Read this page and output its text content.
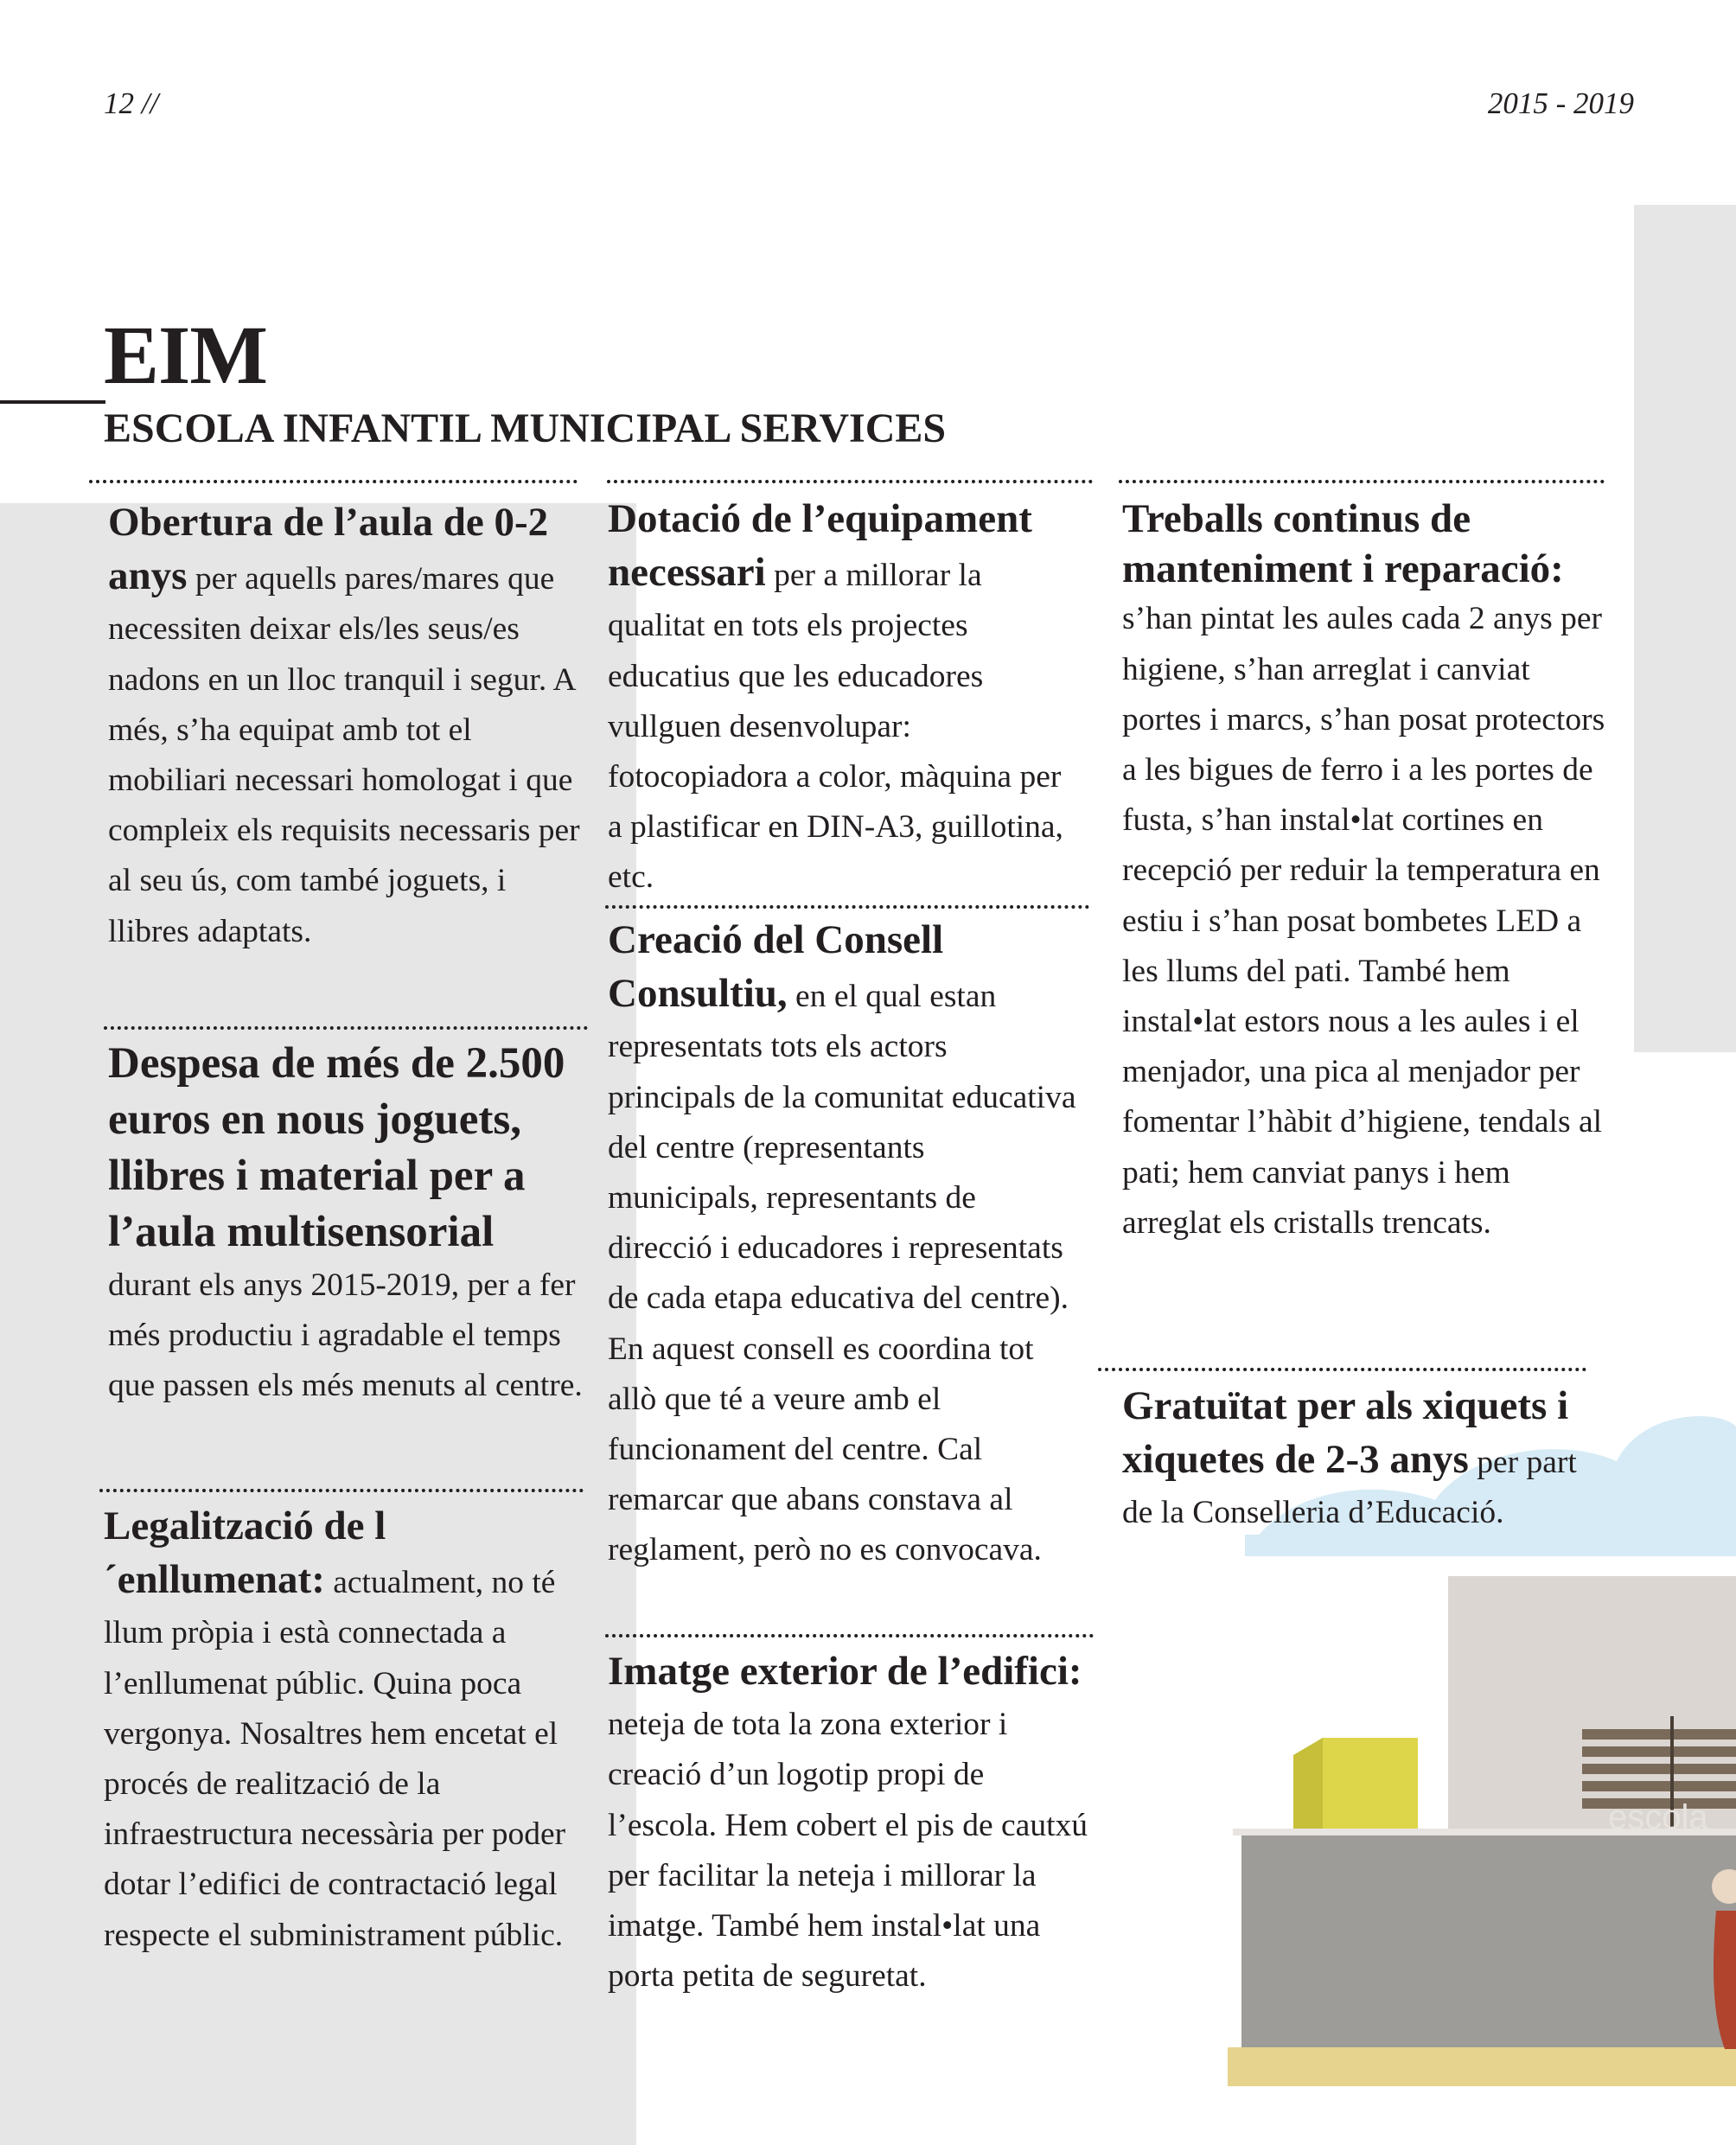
12 //	2015 - 2019
EIM
ESCOLA INFANTIL MUNICIPAL SERVICES
escola
Obertura de l’aula de 0-2 anys per aquells pares/mares que necessiten deixar els/les seus/es nadons en un lloc tranquil i segur. A més, s’ha equipat amb tot el mobiliari necessari homologat i que compleix els requisits necessaris per al seu ús, com també joguets, i llibres adaptats.
Despesa de més de 2.500 euros en nous joguets, llibres i material per a l’aula multisensorial
durant els anys 2015-2019, per a fer més productiu i agradable el temps que passen els més menuts al centre.
Legalització de l´enllumenat: actualment, no té llum pròpia i està connectada a l’enllumenat públic. Quina poca vergonya. Nosaltres hem encetat el procés de realització de la infraestructura necessària per poder dotar l’edifici de contractació legal respecte el subministrament públic.
Dotació de l’equipament necessari per a millorar la qualitat en tots els projectes educatius que les educadores vullguen desenvolupar: fotocopiadora a color, màquina per a plastificar en DIN-A3, guillotina, etc.
Creació del Consell Consultiu, en el qual estan representats tots els actors principals de la comunitat educativa del centre (representants municipals, representants de direcció i educadores i representats de cada etapa educativa del centre). En aquest consell es coordina tot allò que té a veure amb el funcionament del centre. Cal remarcar que abans constava al reglament, però no es convocava.
Imatge exterior de l’edifici:
neteja de tota la zona exterior i creació d’un logotip propi de l’escola. Hem cobert el pis de cautxú per facilitar la neteja i millorar la imatge. També hem instal•lat una porta petita de seguretat.
Treballs continus de manteniment i reparació:
s’han pintat les aules cada 2 anys per higiene, s’han arreglat i canviat portes i marcs, s’han posat protectors a les bigues de ferro i a les portes de fusta, s’han instal•lat cortines en recepció per reduir la temperatura en estiu i s’han posat bombetes LED a les llums del pati. També hem instal•lat estors nous a les aules i el menjador, una pica al menjador per fomentar l’hàbit d’higiene, tendals al pati; hem canviat panys i hem arreglat els cristalls trencats.
Gratuïtat per als xiquets i xiquetes de 2-3 anys per part de la Conselleria d’Educació.
